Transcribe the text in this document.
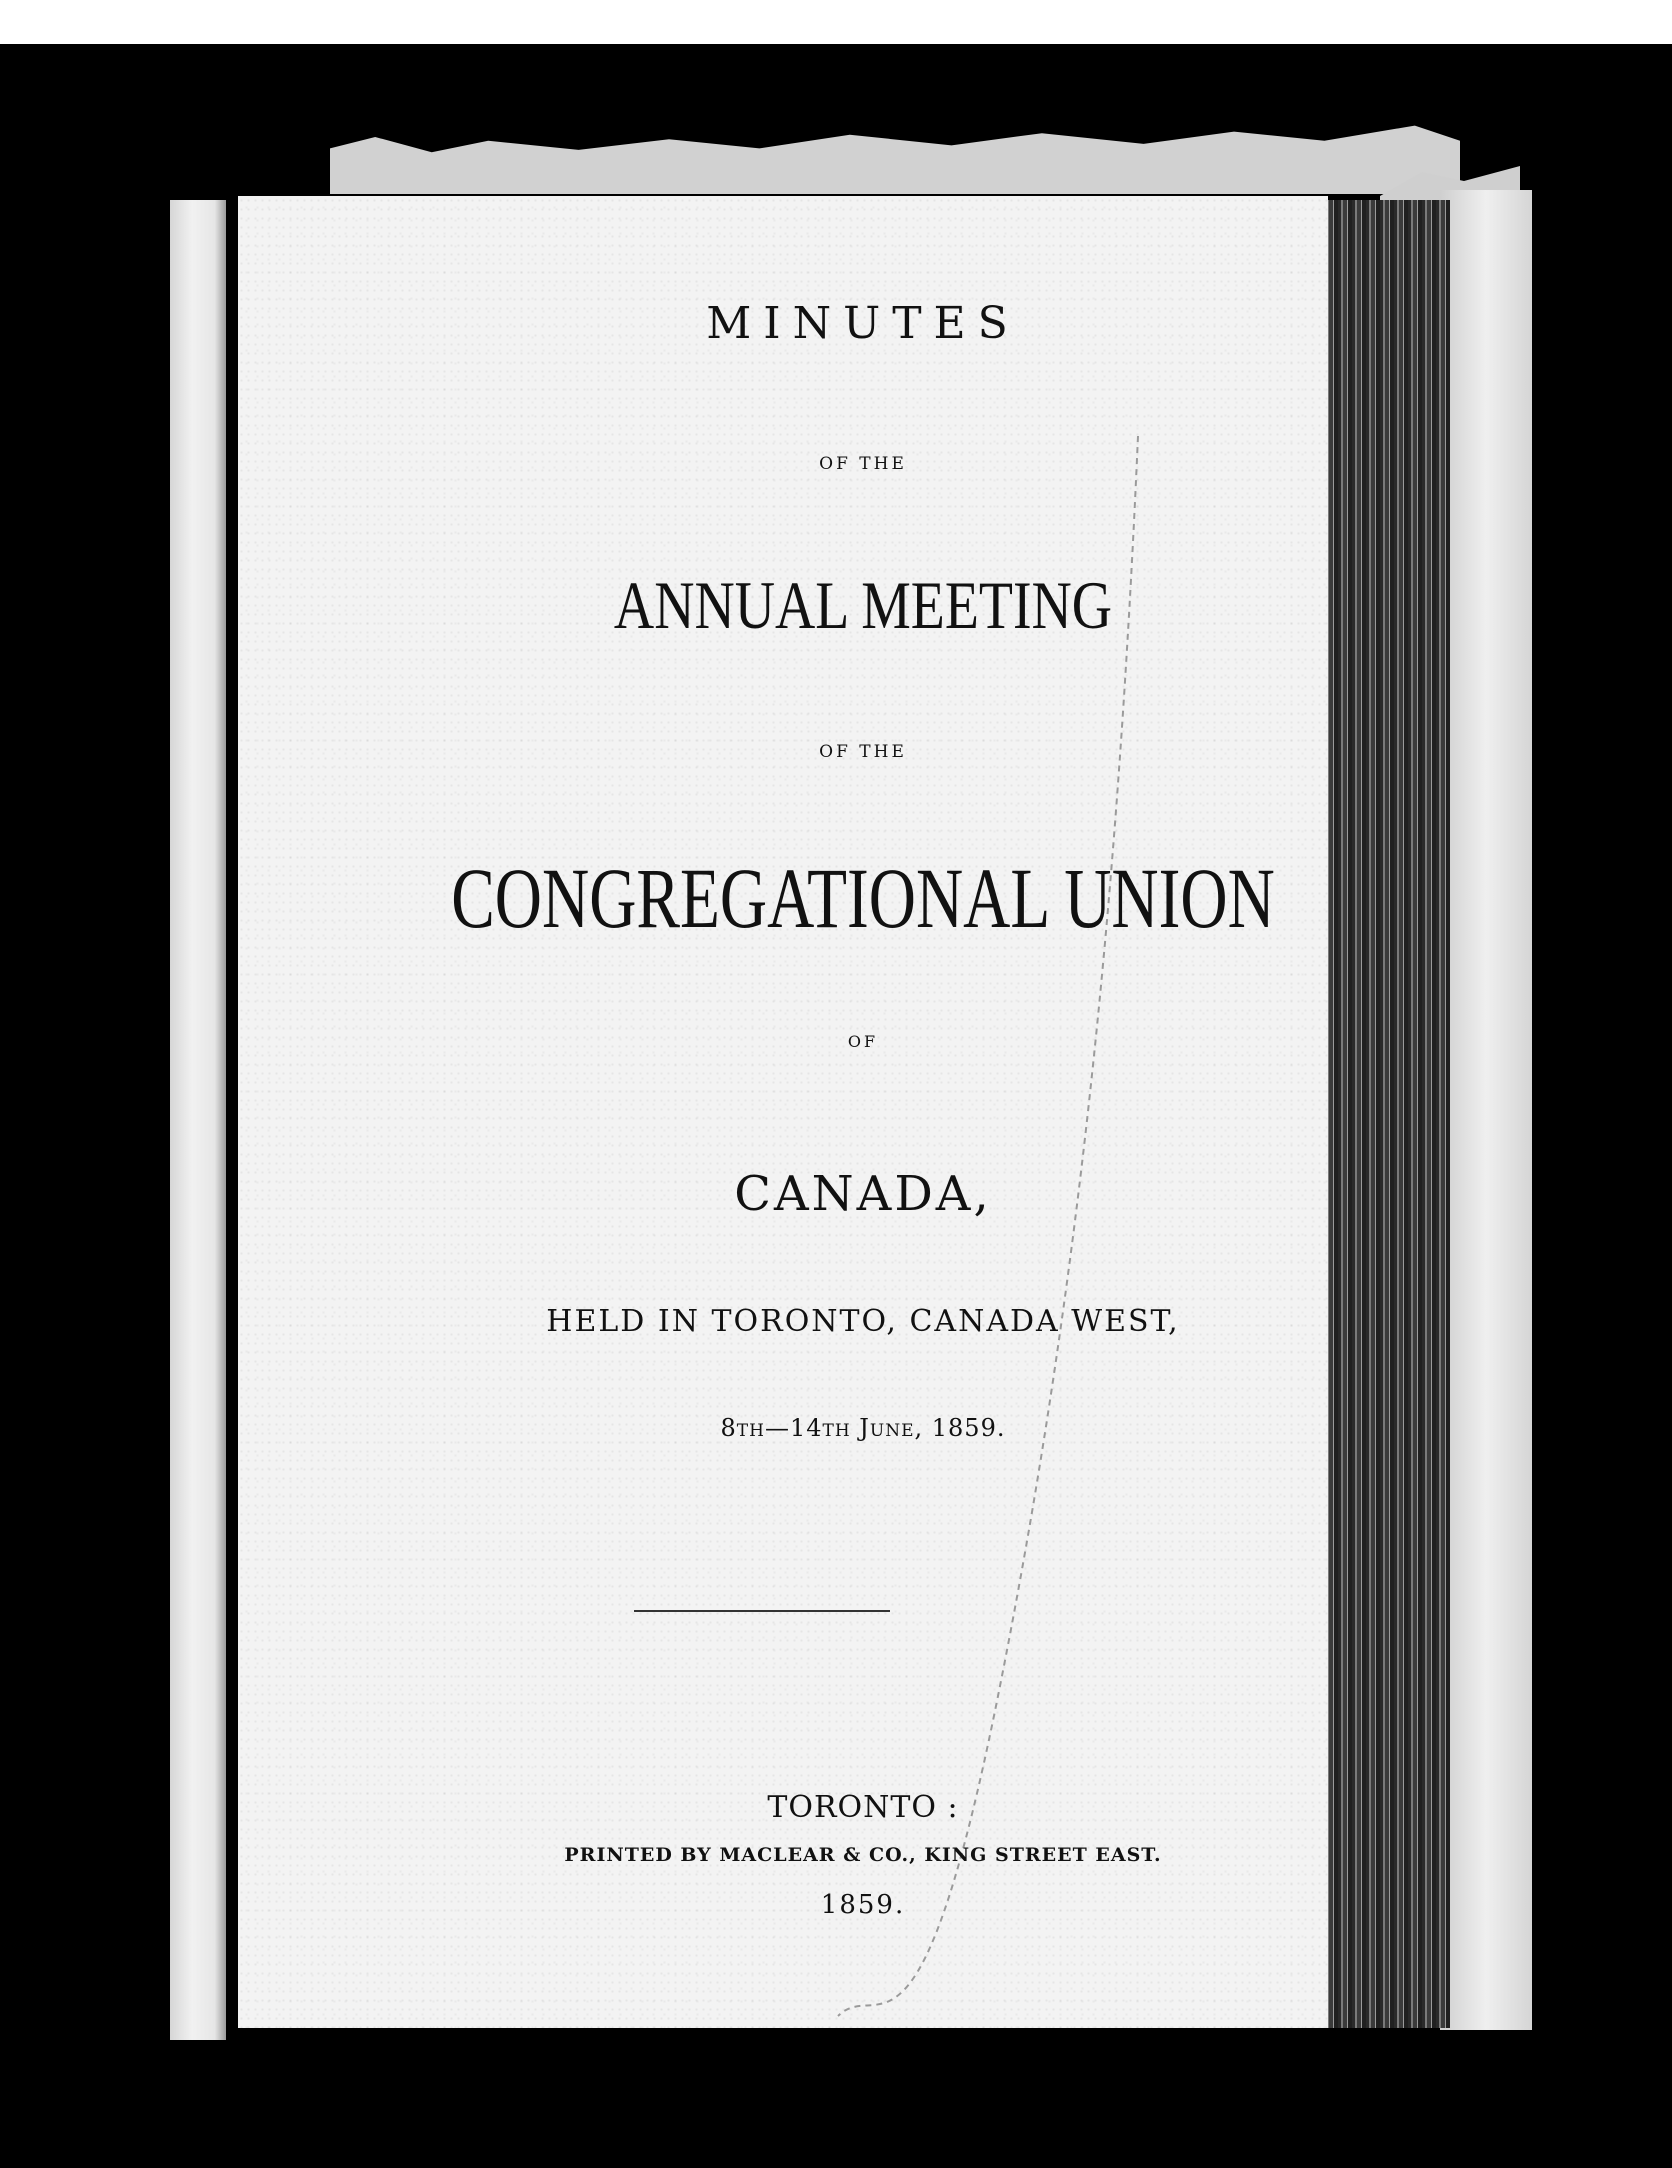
MINUTES
OF THE
ANNUAL MEETING
OF THE
CONGREGATIONAL UNION
OF
CANADA,
HELD IN TORONTO, CANADA WEST,
8th—14th June, 1859.
TORONTO :
PRINTED BY MACLEAR & CO., KING STREET EAST.
1859.
